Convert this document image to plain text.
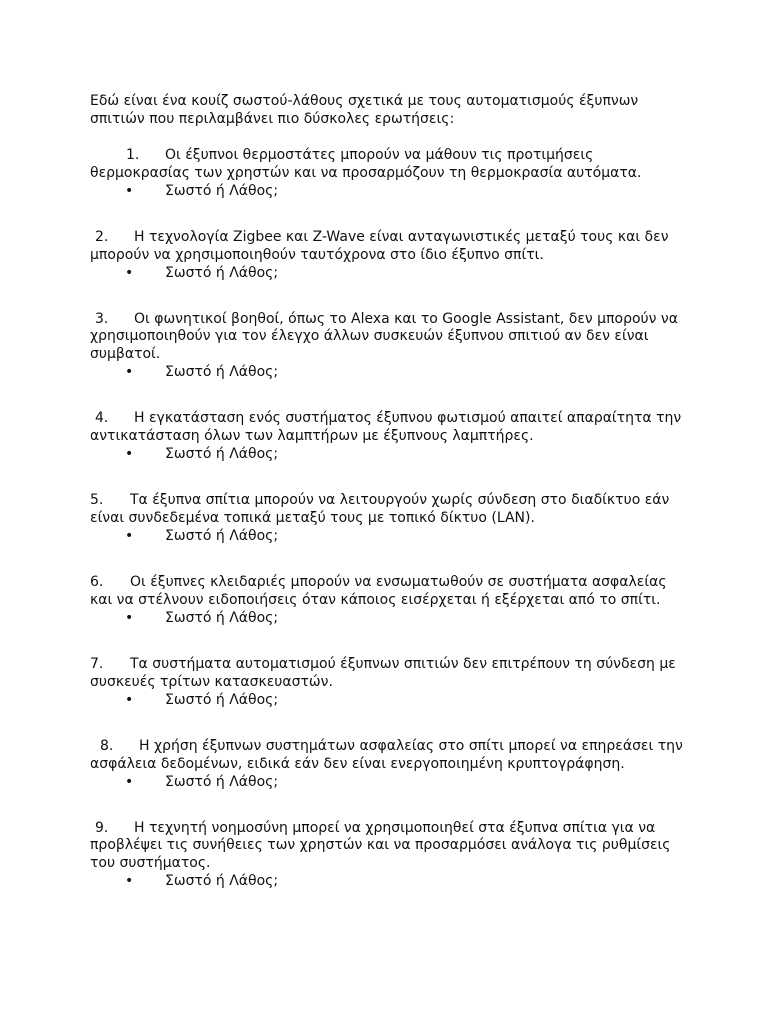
Εδώ είναι ένα κουίζ σωστού-λάθους σχετικά με τους αυτοματισμούς έξυπνων
σπιτιών που περιλαμβάνει πιο δύσκολες ερωτήσεις:
1. Οι έξυπνοι θερμοστάτες μπορούν να μάθουν τις προτιμήσεις
θερμοκρασίας των χρηστών και να προσαρμόζουν τη θερμοκρασία αυτόματα.
• Σωστό ή Λάθος;
2. Η τεχνολογία Zigbee και Z-Wave είναι ανταγωνιστικές μεταξύ τους και δεν
μπορούν να χρησιμοποιηθούν ταυτόχρονα στο ίδιο έξυπνο σπίτι.
• Σωστό ή Λάθος;
3. Οι φωνητικοί βοηθοί, όπως το Alexa και το Google Assistant, δεν μπορούν να
χρησιμοποιηθούν για τον έλεγχο άλλων συσκευών έξυπνου σπιτιού αν δεν είναι
συμβατοί.
• Σωστό ή Λάθος;
4. Η εγκατάσταση ενός συστήματος έξυπνου φωτισμού απαιτεί απαραίτητα την
αντικατάσταση όλων των λαμπτήρων με έξυπνους λαμπτήρες.
• Σωστό ή Λάθος;
5. Τα έξυπνα σπίτια μπορούν να λειτουργούν χωρίς σύνδεση στο διαδίκτυο εάν
είναι συνδεδεμένα τοπικά μεταξύ τους με τοπικό δίκτυο (LAN).
• Σωστό ή Λάθος;
6. Οι έξυπνες κλειδαριές μπορούν να ενσωματωθούν σε συστήματα ασφαλείας
και να στέλνουν ειδοποιήσεις όταν κάποιος εισέρχεται ή εξέρχεται από το σπίτι.
• Σωστό ή Λάθος;
7. Τα συστήματα αυτοματισμού έξυπνων σπιτιών δεν επιτρέπουν τη σύνδεση με
συσκευές τρίτων κατασκευαστών.
• Σωστό ή Λάθος;
8. Η χρήση έξυπνων συστημάτων ασφαλείας στο σπίτι μπορεί να επηρεάσει την
ασφάλεια δεδομένων, ειδικά εάν δεν είναι ενεργοποιημένη κρυπτογράφηση.
• Σωστό ή Λάθος;
9. Η τεχνητή νοημοσύνη μπορεί να χρησιμοποιηθεί στα έξυπνα σπίτια για να
προβλέψει τις συνήθειες των χρηστών και να προσαρμόσει ανάλογα τις ρυθμίσεις
του συστήματος.
• Σωστό ή Λάθος;
